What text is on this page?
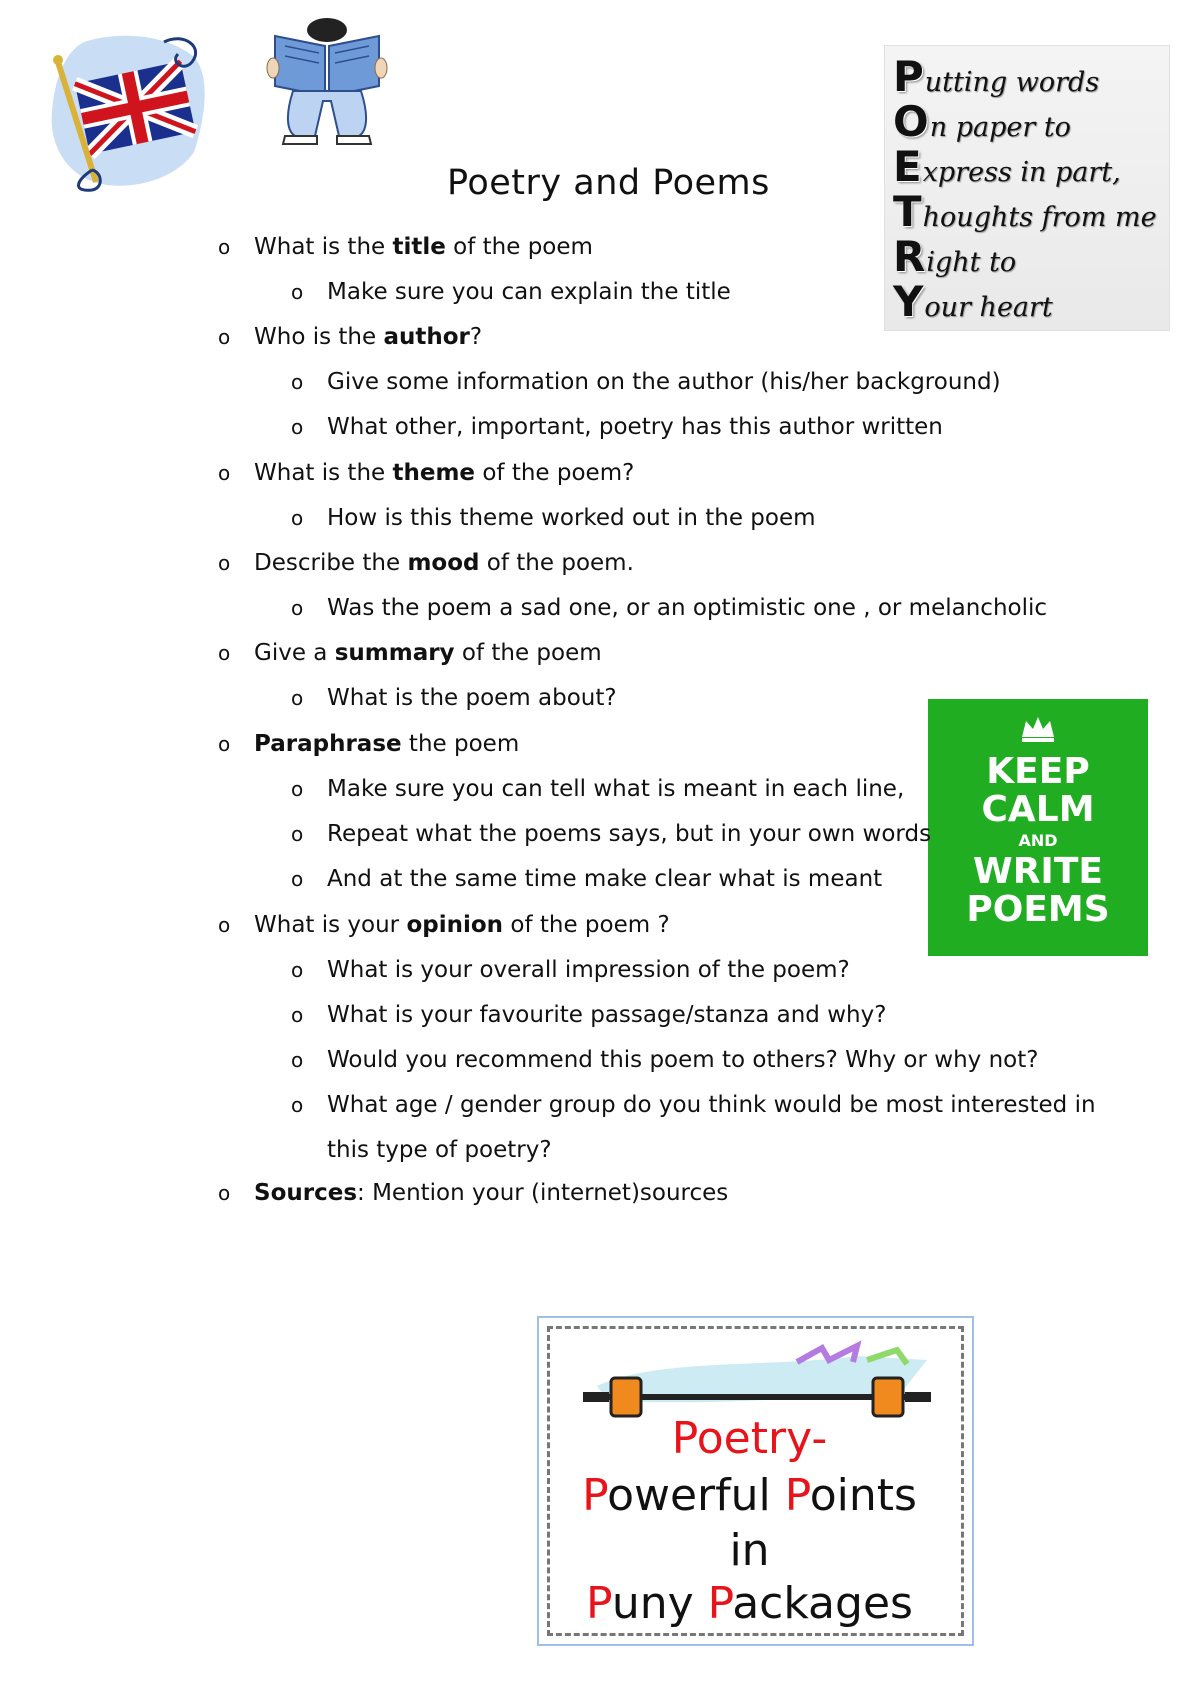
Poetry and Poems
Putting words
On paper to
Express in part,
Thoughts from me
Right to
Your heart
KEEP
CALM
AND
WRITE
POEMS
o What is the title of the poem
o Make sure you can explain the title
o Who is the author?
o Give some information on the author (his/her background)
o What other, important, poetry has this author written
o What is the theme of the poem?
o How is this theme worked out in the poem
o Describe the mood of the poem.
o Was the poem a sad one, or an optimistic one , or melancholic
o Give a summary of the poem
o What is the poem about?
o Paraphrase the poem
o Make sure you can tell what is meant in each line,
o Repeat what the poems says, but in your own words
o And at the same time make clear what is meant
o What is your opinion of the poem ?
o What is your overall impression of the poem?
o What is your favourite passage/stanza and why?
o Would you recommend this poem to others? Why or why not?
o What age / gender group do you think would be most interested in
this type of poetry?
o Sources: Mention your (internet)sources
Poetry-
Powerful Points
in
Puny Packages
